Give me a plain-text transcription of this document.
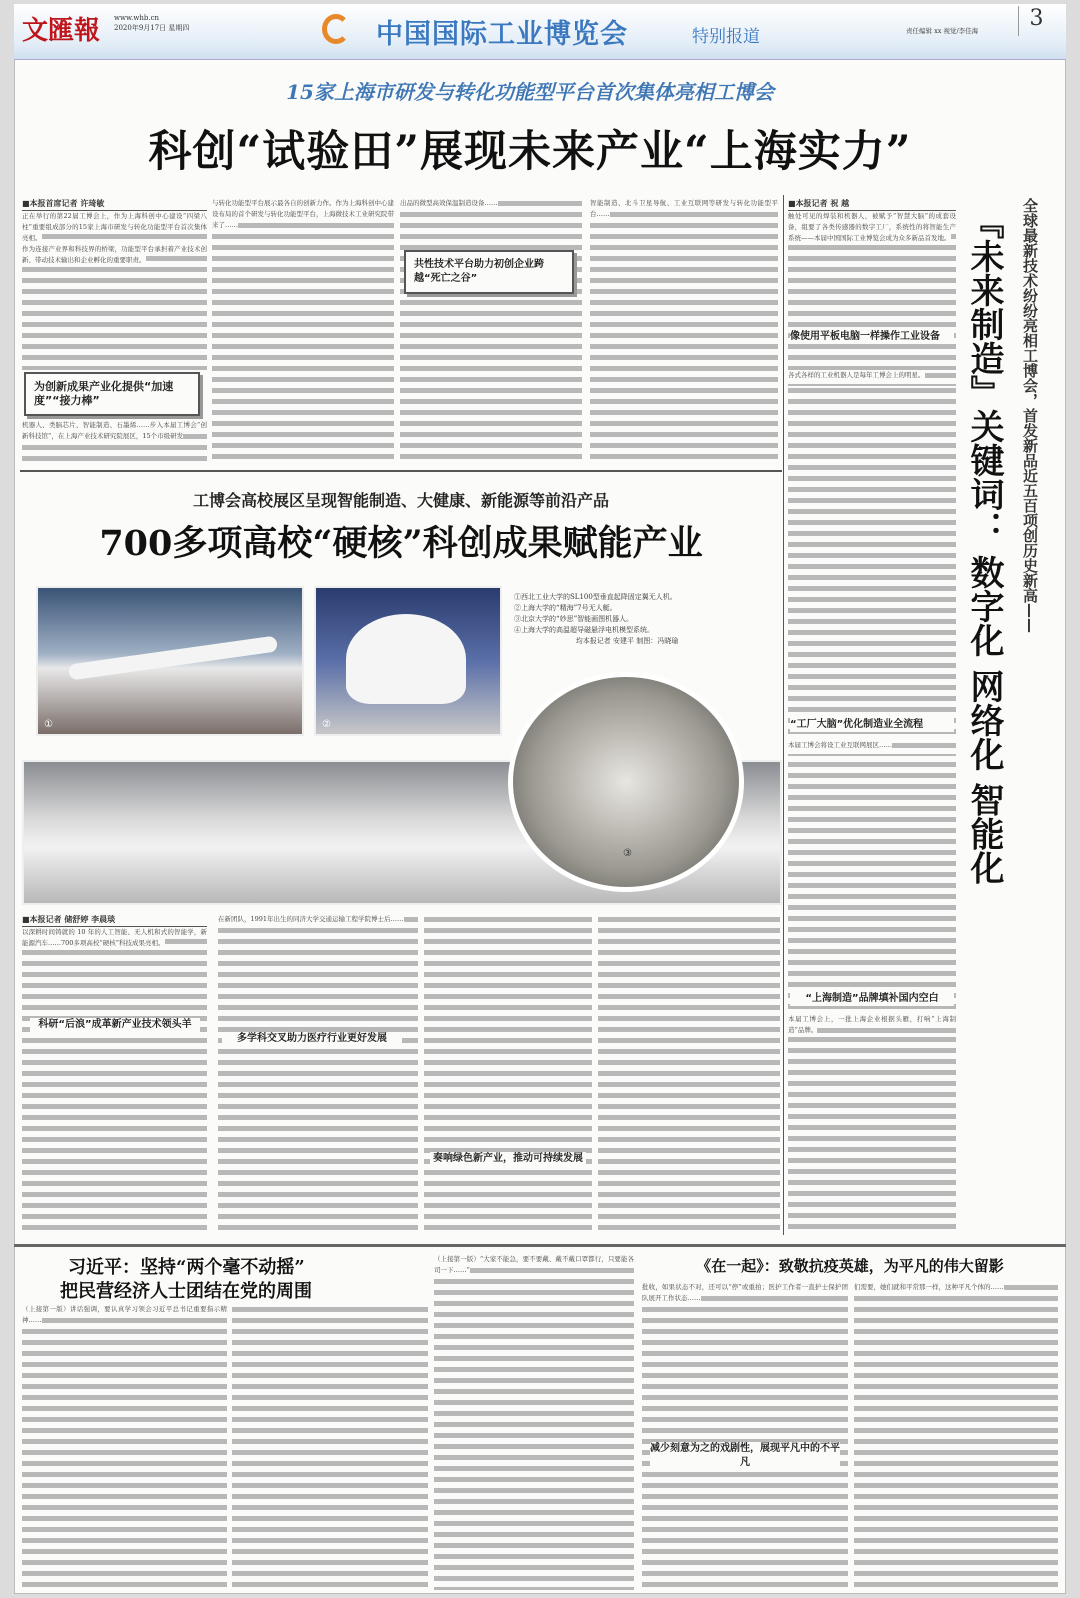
文匯報 www.whb.cn
2020年9月17日 星期四	中国国际工业博览会	特别报道	责任编辑 xx 视觉/李佳海	3
15家上海市研发与转化功能型平台首次集体亮相工博会
科创“试验田”展现未来产业“上海实力”
■本报首席记者 许琦敏
正在举行的第22届工博会上，作为上海科创中心建设“四梁八柱”重要组成部分的15家上海市研发与转化功能型平台首次集体亮相。
作为连接产业界和科技界的桥梁，功能型平台承担着产业技术创新、带动技术输出和企业孵化的重要职责。
为创新成果产业化提供“加速度”“接力棒”
机器人、类脑芯片、智能制造、石墨烯……步入本届工博会“创新科技馆”，在上海产业技术研究院展区，15个市级研发
与转化功能型平台展示最各自的创新力作。作为上海科创中心建设布局的首个研发与转化功能型平台，上海微技术工业研究院带来了……
出品的微型高效保温制造设备……
共性技术平台助力初创企业跨越“死亡之谷”
智能制造、北斗卫星导航、工业互联网等研发与转化功能型平台……
■本报记者 祝 越
触处可见的焊装和机器人，被赋予“智慧大脑”的成套设备，组要了各类传感器的数字工厂，系统性的将智能生产系统——本届中国国际工业博览会成为众多新品首发地。
像使用平板电脑一样操作工业设备
各式各样的工业机器人是每年工博会上的明星。
“工厂大脑”优化制造业全流程
本届工博会将设工业互联网展区……
“上海制造”品牌填补国内空白
本届工博会上，一批上海企业根据头雁，打响“上海制造”品牌。
『未来制造』关键词：数字化 网络化 智能化
全球最新技术纷纷亮相工博会，首发新品近五百项创历史新高——
工博会高校展区呈现智能制造、大健康、新能源等前沿产品
700多项高校“硬核”科创成果赋能产业
①	②
①西北工业大学的SL100型垂直起降固定翼无人机。
②上海大学的“精海”7号无人艇。
③北京大学的“妙思”智能画图机器人。
④上海大学的高温超导磁悬浮电机模型系统。
均本报记者 安建平 制图：冯晓瑜
③
■本报记者 储舒婷 李晨琰
以深耕时间铸就的 10 年的人工智能、无人机和式的智能学，新能源汽车……700多项高校“硬核”科技成果亮相。
科研“后浪”成革新产业技术领头羊
在新团队，1991年出生的同济大学交通运输工程学院博士后……
多学科交叉助力医疗行业更好发展
奏响绿色新产业，推动可持续发展
习近平：坚持“两个毫不动摇”
把民营经济人士团结在党的周围
（上接第一版）讲话强调，要认真学习领会习近平总书记重要指示精神……
（上接第一版）“大家不能急，要不要戴、戴不戴口罩都行，只要能各司一下……”	《在一起》：致敬抗疫英雄，为平凡的伟大留影
批收，如果状态不对，还可以“停”或重拍；医护工作者一直护士保护团队展开工作状态……
减少刻意为之的戏剧性，展现平凡中的不平凡
们需要，她们就和平常那一样，这种平凡个体的……
